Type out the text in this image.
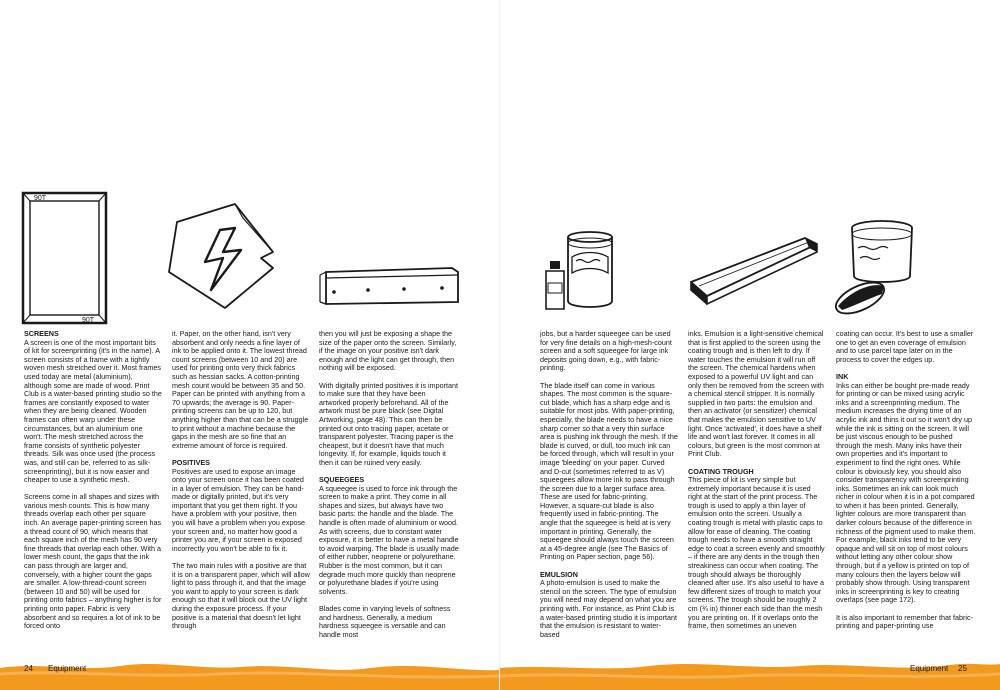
90T
90T
SCREENS

A screen is one of the most important bits of kit for screenprinting (it's in the name). A screen consists of a frame with a tightly woven mesh stretched over it. Most frames used today are metal (aluminium), although some are made of wood. Print Club is a water-based printing studio so the frames are constantly exposed to water when they are being cleaned. Wooden frames can often warp under these circumstances, but an aluminium one won't. The mesh stretched across the frame consists of synthetic polyester threads. Silk was once used (the process was, and still can be, referred to as silk-screenprinting), but it is now easier and cheaper to use a synthetic mesh.

Screens come in all shapes and sizes with various mesh counts. This is how many threads overlap each other per square inch. An average paper-printing screen has a thread count of 90, which means that each square inch of the mesh has 90 very fine threads that overlap each other. With a lower mesh count, the gaps that the ink can pass through are larger and, conversely, with a higher count the gaps are smaller. A low-thread-count screen (between 10 and 50) will be used for printing onto fabrics – anything higher is for printing onto paper. Fabric is very absorbent and so requires a lot of ink to be forced onto

it. Paper, on the other hand, isn't very absorbent and only needs a fine layer of ink to be applied onto it. The lowest thread count screens (between 10 and 20) are used for printing onto very thick fabrics such as hessian sacks. A cotton-printing mesh count would be between 35 and 50. Paper can be printed with anything from a 70 upwards; the average is 90. Paper-printing screens can be up to 120, but anything higher than that can be a struggle to print without a machine because the gaps in the mesh are so fine that an extreme amount of force is required.

POSITIVES

Positives are used to expose an image onto your screen once it has been coated in a layer of emulsion. They can be hand-made or digitally printed, but it's very important that you get them right. If you have a problem with your positive, then you will have a problem when you expose your screen and, no matter how good a printer you are, if your screen is exposed incorrectly you won't be able to fix it.

The two main rules with a positive are that it is on a transparent paper, which will allow light to pass through it, and that the image you want to apply to your screen is dark enough so that it will block out the UV light during the exposure process. If your positive is a material that doesn't let light through

then you will just be exposing a shape the size of the paper onto the screen. Similarly, if the image on your positive isn't dark enough and the light can get through, then nothing will be exposed.

With digitally printed positives it is important to make sure that they have been artworked properly beforehand. All of the artwork must be pure black (see Digital Artworking, page 48). This can then be printed out onto tracing paper, acetate or transparent polyester. Tracing paper is the cheapest, but it doesn't have that much longevity. If, for example, liquids touch it then it can be ruined very easily.

SQUEEGEES

A squeegee is used to force ink through the screen to make a print. They come in all shapes and sizes, but always have two basic parts: the handle and the blade. The handle is often made of aluminium or wood. As with screens, due to constant water exposure, it is better to have a metal handle to avoid warping. The blade is usually made of either rubber, neoprene or polyurethane. Rubber is the most common, but it can degrade much more quickly than neoprene or polyurethane blades if you're using solvents.

Blades come in varying levels of softness and hardness. Generally, a medium hardness squeegee is versatile and can handle most

24 Equipment

jobs, but a harder squeegee can be used for very fine details on a high-mesh-count screen and a soft squeegee for large ink deposits going down, e.g., with fabric-printing.

The blade itself can come in various shapes. The most common is the square-cut blade, which has a sharp edge and is suitable for most jobs. With paper-printing, especially, the blade needs to have a nice sharp corner so that a very thin surface area is pushing ink through the mesh. If the blade is curved, or dull, too much ink can be forced through, which will result in your image 'bleeding' on your paper. Curved and D-cut (sometimes referred to as V) squeegees allow more ink to pass through the screen due to a larger surface area. These are used for fabric-printing. However, a square-cut blade is also frequently used in fabric-printing. The angle that the squeegee is held at is very important in printing. Generally, the squeegee should always touch the screen at a 45-degree angle (see The Basics of Printing on Paper section, page 56).

EMULSION

A photo-emulsion is used to make the stencil on the screen. The type of emulsion you will need may depend on what you are printing with. For instance, as Print Club is a water-based printing studio it is important that the emulsion is resistant to water-based

inks. Emulsion is a light-sensitive chemical that is first applied to the screen using the coating trough and is then left to dry. If water touches the emulsion it will run off the screen. The chemical hardens when exposed to a powerful UV light and can only then be removed from the screen with a chemical stencil stripper. It is normally supplied in two parts: the emulsion and then an activator (or sensitizer) chemical that makes the emulsion sensitive to UV light. Once 'activated', it does have a shelf life and won't last forever. It comes in all colours, but green is the most common at Print Club.

COATING TROUGH

This piece of kit is very simple but extremely important because it is used right at the start of the print process. The trough is used to apply a thin layer of emulsion onto the screen. Usually a coating trough is metal with plastic caps to allow for ease of cleaning. The coating trough needs to have a smooth straight edge to coat a screen evenly and smoothly – if there are any dents in the trough then streakiness can occur when coating. The trough should always be thoroughly cleaned after use. It's also useful to have a few different sizes of trough to match your screens. The trough should be roughly 2 cm (¾ in) thinner each side than the mesh you are printing on. If it overlaps onto the frame, then sometimes an uneven

coating can occur. It's best to use a smaller one to get an even coverage of emulsion and to use parcel tape later on in the process to cover the edges up.

INK

Inks can either be bought pre-made ready for printing or can be mixed using acrylic inks and a screenprinting medium. The medium increases the drying time of an acrylic ink and thins it out so it won't dry up while the ink is sitting on the screen. It will be just viscous enough to be pushed through the mesh. Many inks have their own properties and it's important to experiment to find the right ones. While colour is obviously key, you should also consider transparency with screenprinting inks. Sometimes an ink can look much richer in colour when it is in a pot compared to when it has been printed. Generally, lighter colours are more transparent than darker colours because of the difference in richness of the pigment used to make them. For example, black inks tend to be very opaque and will sit on top of most colours without letting any other colour show through, but if a yellow is printed on top of many colours then the layers below will probably show through. Using transparent inks in screenprinting is key to creating overlaps (see page 172).

It is also important to remember that fabric-printing and paper-printing use

Equipment 25
